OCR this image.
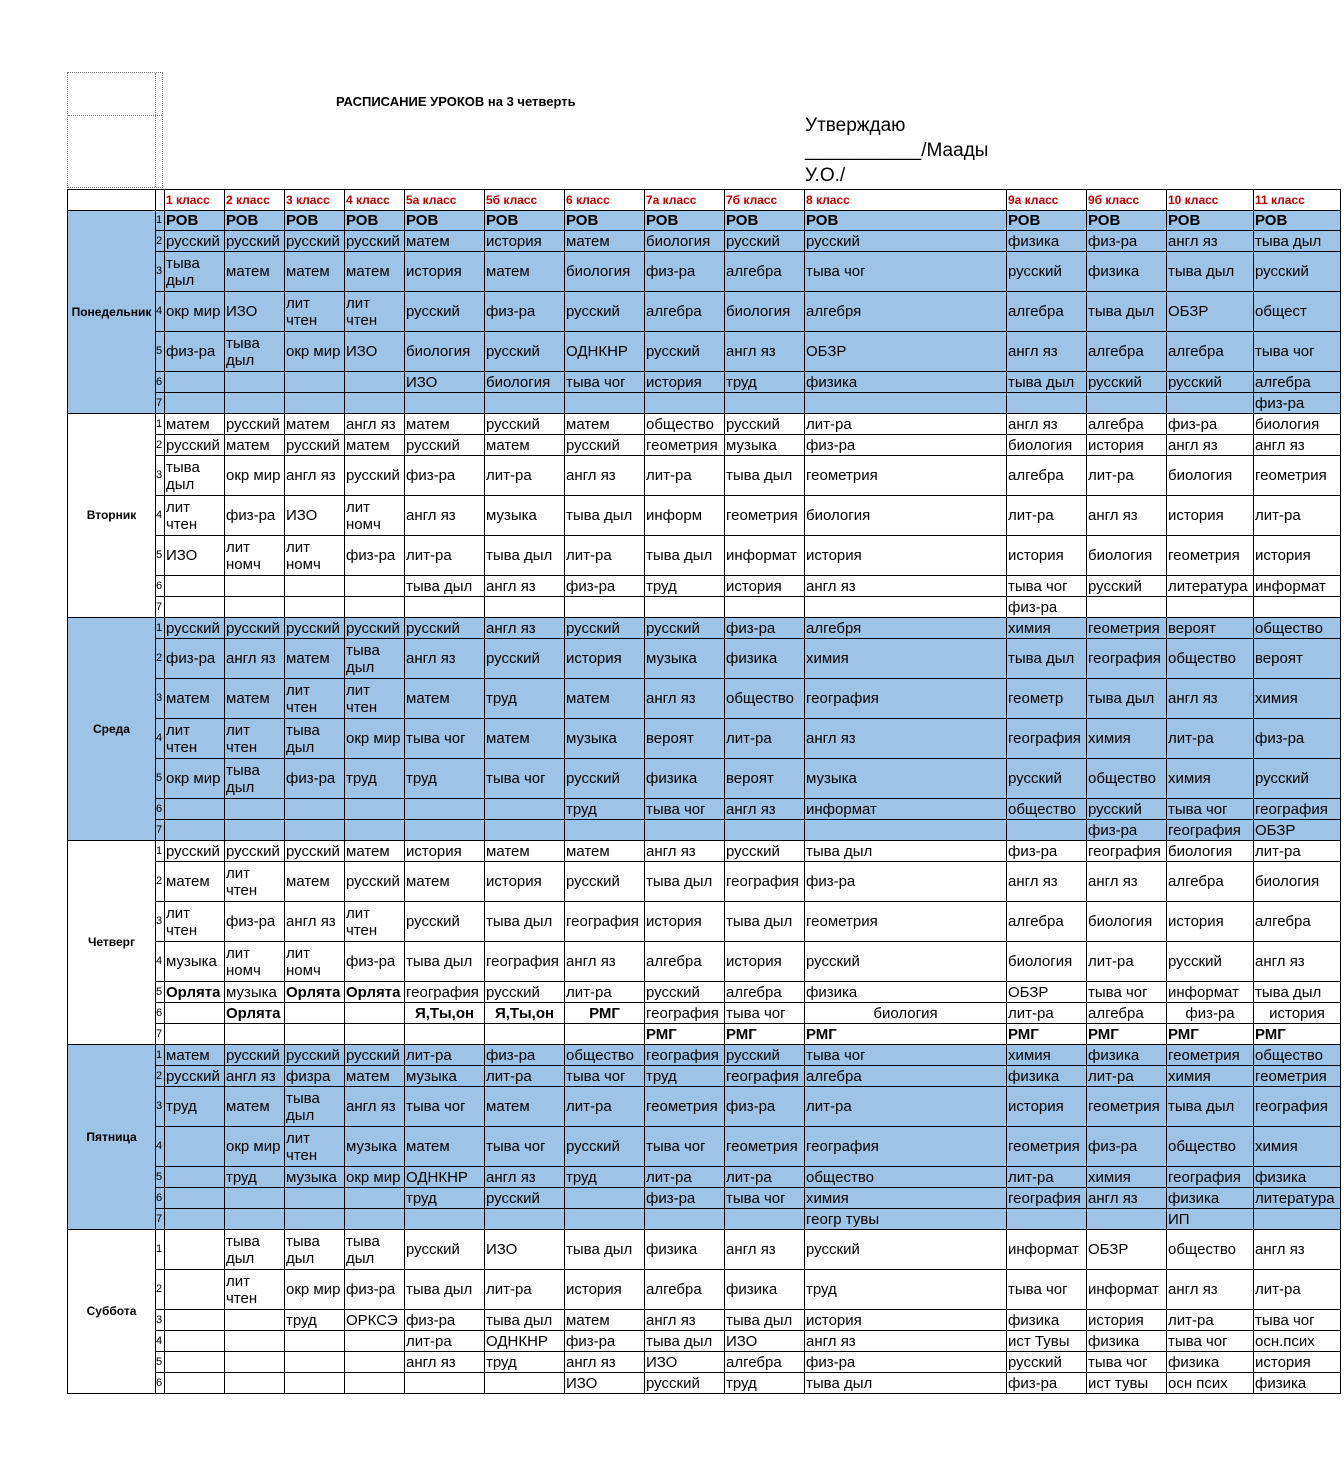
РАСПИСАНИЕ УРОКОВ на 3 четверть
Утверждаю
___________/Маады
У.О./
		1 класс	2 класс	3 класс	4 класс	5а класс	5б класс	6 класс	7а класс	7б класс	8 класс	9а класс	9б класс	10 класс	11 класс
Понедельник	1	РОВ	РОВ	РОВ	РОВ	РОВ	РОВ	РОВ	РОВ	РОВ	РОВ	РОВ	РОВ	РОВ	РОВ
	2	русский	русский	русский	русский	матем	история	матем	биология	русский	русский	физика	физ-ра	англ яз	тыва дыл
	3	тыва дыл	матем	матем	матем	история	матем	биология	физ-ра	алгебра	тыва чог	русский	физика	тыва дыл	русский
	4	окр мир	ИЗО	лит чтен	лит чтен	русский	физ-ра	русский	алгебра	биология	алгебря	алгебра	тыва дыл	ОБЗР	общест
	5	физ-ра	тыва дыл	окр мир	ИЗО	биология	русский	ОДНКНР	русский	англ яз	ОБЗР	англ яз	алгебра	алгебра	тыва чог
	6					ИЗО	биология	тыва чог	история	труд	физика	тыва дыл	русский	русский	алгебра
	7														физ-ра
Вторник	1	матем	русский	матем	англ яз	матем	русский	матем	общество	русский	лит-ра	англ яз	алгебра	физ-ра	биология
	2	русский	матем	русский	матем	русский	матем	русский	геометрия	музыка	физ-ра	биология	история	англ яз	англ яз
	3	тыва дыл	окр мир	англ яз	русский	физ-ра	лит-ра	англ яз	лит-ра	тыва дыл	геометрия	алгебра	лит-ра	биология	геометрия
	4	лит чтен	физ-ра	ИЗО	лит номч	англ яз	музыка	тыва дыл	информ	геометрия	биология	лит-ра	англ яз	история	лит-ра
	5	ИЗО	лит номч	лит номч	физ-ра	лит-ра	тыва дыл	лит-ра	тыва дыл	информат	история	история	биология	геометрия	история
	6					тыва дыл	англ яз	физ-ра	труд	история	англ яз	тыва чог	русский	литература	информат
	7											физ-ра			
Среда	1	русский	русский	русский	русский	русский	англ яз	русский	русский	физ-ра	алгебря	химия	геометрия	вероят	общество
	2	физ-ра	англ яз	матем	тыва дыл	англ яз	русский	история	музыка	физика	химия	тыва дыл	география	общество	вероят
	3	матем	матем	лит чтен	лит чтен	матем	труд	матем	англ яз	общество	география	геометр	тыва дыл	англ яз	химия
	4	лит чтен	лит чтен	тыва дыл	окр мир	тыва чог	матем	музыка	вероят	лит-ра	англ яз	география	химия	лит-ра	физ-ра
	5	окр мир	тыва дыл	физ-ра	труд	труд	тыва чог	русский	физика	вероят	музыка	русский	общество	химия	русский
	6							труд	тыва чог	англ яз	информат	общество	русский	тыва чог	география
	7												физ-ра	география	ОБЗР
Четверг	1	русский	русский	русский	матем	история	матем	матем	англ яз	русский	тыва дыл	физ-ра	география	биология	лит-ра
	2	матем	лит чтен	матем	русский	матем	история	русский	тыва дыл	география	физ-ра	англ яз	англ яз	алгебра	биология
	3	лит чтен	физ-ра	англ яз	лит чтен	русский	тыва дыл	география	история	тыва дыл	геометрия	алгебра	биология	история	алгебра
	4	музыка	лит номч	лит номч	физ-ра	тыва дыл	география	англ яз	алгебра	история	русский	биология	лит-ра	русский	англ яз
	5	Орлята	музыка	Орлята	Орлята	география	русский	лит-ра	русский	алгебра	физика	ОБЗР	тыва чог	информат	тыва дыл
	6		Орлята			Я,Ты,он	Я,Ты,он	РМГ	география	тыва чог	биология	лит-ра	алгебра	физ-ра	история
	7								РМГ	РМГ	РМГ	РМГ	РМГ	РМГ	РМГ
Пятница	1	матем	русский	русский	русский	лит-ра	физ-ра	общество	география	русский	тыва чог	химия	физика	геометрия	общество
	2	русский	англ яз	физра	матем	музыка	лит-ра	тыва чог	труд	география	алгебра	физика	лит-ра	химия	геометрия
	3	труд	матем	тыва дыл	англ яз	тыва чог	матем	лит-ра	геометрия	физ-ра	лит-ра	история	геометрия	тыва дыл	география
	4		окр мир	лит чтен	музыка	матем	тыва чог	русский	тыва чог	геометрия	география	геометрия	физ-ра	общество	химия
	5		труд	музыка	окр мир	ОДНКНР	англ яз	труд	лит-ра	лит-ра	общество	лит-ра	химия	география	физика
	6					труд	русский		физ-ра	тыва чог	химия	география	англ яз	физика	литература
	7										геогр тувы			ИП	
Суббота	1		тыва дыл	тыва дыл	тыва дыл	русский	ИЗО	тыва дыл	физика	англ яз	русский	информат	ОБЗР	общество	англ яз
	2		лит чтен	окр мир	физ-ра	тыва дыл	лит-ра	история	алгебра	физика	труд	тыва чог	информат	англ яз	лит-ра
	3			труд	ОРКСЭ	физ-ра	тыва дыл	матем	англ яз	тыва дыл	история	физика	история	лит-ра	тыва чог
	4					лит-ра	ОДНКНР	физ-ра	тыва дыл	ИЗО	англ яз	ист Тувы	физика	тыва чог	осн.псих
	5					англ яз	труд	англ яз	ИЗО	алгебра	физ-ра	русский	тыва чог	физика	история
	6							ИЗО	русский	труд	тыва дыл	физ-ра	ист тувы	осн псих	физика
